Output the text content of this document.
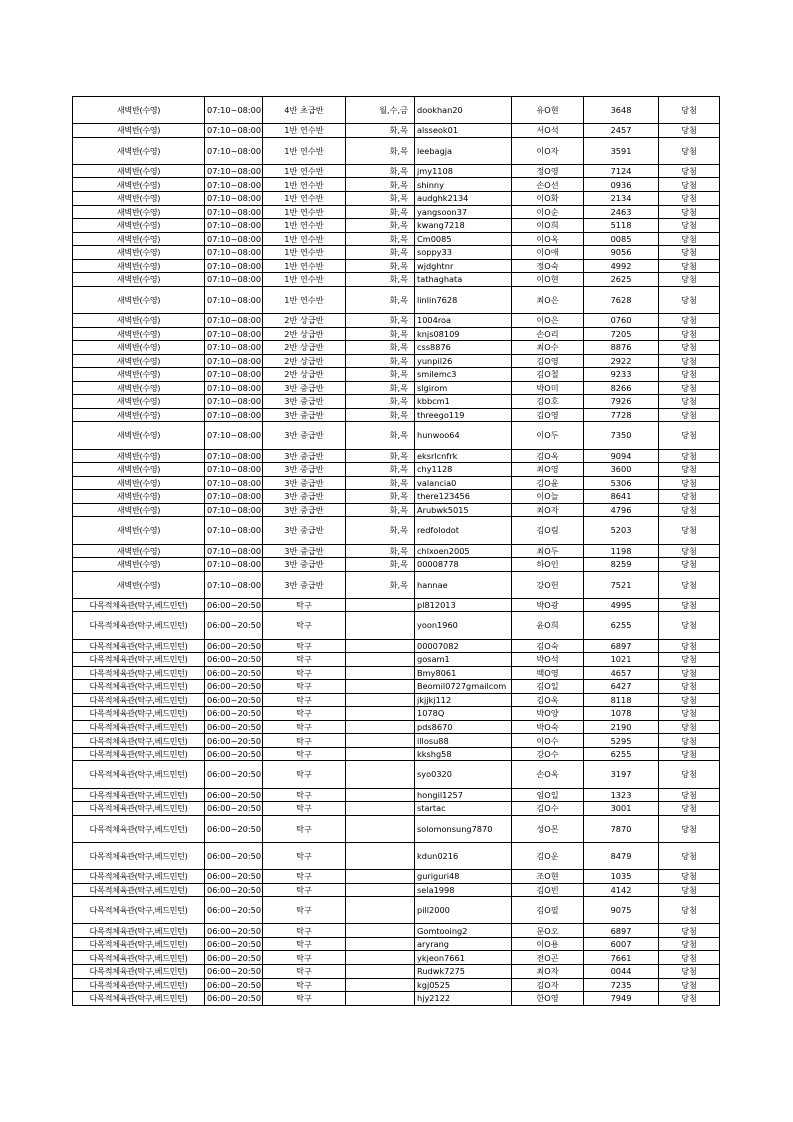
새벽반(수영)	07:10~08:00	4반 초급반	월,수,금	dookhan20	유O현	3648	당첨
새벽반(수영)	07:10~08:00	1반 연수반	화,목	alsseok01	서O석	2457	당첨
새벽반(수영)	07:10~08:00	1반 연수반	화,목	leebagja	이O자	3591	당첨
새벽반(수영)	07:10~08:00	1반 연수반	화,목	jmy1108	정O영	7124	당첨
새벽반(수영)	07:10~08:00	1반 연수반	화,목	shinny	손O선	0936	당첨
새벽반(수영)	07:10~08:00	1반 연수반	화,목	audghk2134	이O화	2134	당첨
새벽반(수영)	07:10~08:00	1반 연수반	화,목	yangsoon37	이O순	2463	당첨
새벽반(수영)	07:10~08:00	1반 연수반	화,목	kwang7218	이O희	5118	당첨
새벽반(수영)	07:10~08:00	1반 연수반	화,목	Cm0085	이O옥	0085	당첨
새벽반(수영)	07:10~08:00	1반 연수반	화,목	soppy33	이O애	9056	당첨
새벽반(수영)	07:10~08:00	1반 연수반	화,목	wjdghtnr	정O숙	4992	당첨
새벽반(수영)	07:10~08:00	1반 연수반	화,목	tathaghata	이O현	2625	당첨
새벽반(수영)	07:10~08:00	1반 연수반	화,목	linlin7628	최O은	7628	당첨
새벽반(수영)	07:10~08:00	2반 상급반	화,목	1004roa	이O은	0760	당첨
새벽반(수영)	07:10~08:00	2반 상급반	화,목	knjs08109	손O리	7205	당첨
새벽반(수영)	07:10~08:00	2반 상급반	화,목	css8876	최O수	8876	당첨
새벽반(수영)	07:10~08:00	2반 상급반	화,목	yunpil26	김O영	2922	당첨
새벽반(수영)	07:10~08:00	2반 상급반	화,목	smilemc3	김O철	9233	당첨
새벽반(수영)	07:10~08:00	3반 중급반	화,목	slgirom	박O미	8266	당첨
새벽반(수영)	07:10~08:00	3반 중급반	화,목	kbbcm1	김O호	7926	당첨
새벽반(수영)	07:10~08:00	3반 중급반	화,목	threego119	김O영	7728	당첨
새벽반(수영)	07:10~08:00	3반 중급반	화,목	hunwoo64	이O두	7350	당첨
새벽반(수영)	07:10~08:00	3반 중급반	화,목	eksrlcnfrk	김O옥	9094	당첨
새벽반(수영)	07:10~08:00	3반 중급반	화,목	chy1128	최O영	3600	당첨
새벽반(수영)	07:10~08:00	3반 중급반	화,목	valancia0	김O윤	5306	당첨
새벽반(수영)	07:10~08:00	3반 중급반	화,목	there123456	이O늘	8641	당첨
새벽반(수영)	07:10~08:00	3반 중급반	화,목	Arubwk5015	최O자	4796	당첨
새벽반(수영)	07:10~08:00	3반 중급반	화,목	redfolodot	김O림	5203	당첨
새벽반(수영)	07:10~08:00	3반 중급반	화,목	chlxoen2005	최O두	1198	당첨
새벽반(수영)	07:10~08:00	3반 중급반	화,목	00008778	하O인	8259	당첨
새벽반(수영)	07:10~08:00	3반 중급반	화,목	hannae	강O헌	7521	당첨
다목적체육관(탁구,베드민턴)	06:00~20:50	탁구		pl812013	박O광	4995	당첨
다목적체육관(탁구,베드민턴)	06:00~20:50	탁구		yoon1960	윤O희	6255	당첨
다목적체육관(탁구,베드민턴)	06:00~20:50	탁구		00007082	김O숙	6897	당첨
다목적체육관(탁구,베드민턴)	06:00~20:50	탁구		gosam1	박O석	1021	당첨
다목적체육관(탁구,베드민턴)	06:00~20:50	탁구		Bmy8061	백O영	4657	당첨
다목적체육관(탁구,베드민턴)	06:00~20:50	탁구		Beomil0727gmailcom	김O일	6427	당첨
다목적체육관(탁구,베드민턴)	06:00~20:50	탁구		jkjjkj112	김O옥	8118	당첨
다목적체육관(탁구,베드민턴)	06:00~20:50	탁구		1078Q	박O양	1078	당첨
다목적체육관(탁구,베드민턴)	06:00~20:50	탁구		pds8670	박O숙	2190	당첨
다목적체육관(탁구,베드민턴)	06:00~20:50	탁구		illosu88	이O수	5295	당첨
다목적체육관(탁구,베드민턴)	06:00~20:50	탁구		kkshg58	강O수	6255	당첨
다목적체육관(탁구,베드민턴)	06:00~20:50	탁구		syo0320	손O옥	3197	당첨
다목적체육관(탁구,베드민턴)	06:00~20:50	탁구		hongil1257	임O일	1323	당첨
다목적체육관(탁구,베드민턴)	06:00~20:50	탁구		startac	김O수	3001	당첨
다목적체육관(탁구,베드민턴)	06:00~20:50	탁구		solomonsung7870	성O몬	7870	당첨
다목적체육관(탁구,베드민턴)	06:00~20:50	탁구		kdun0216	김O운	8479	당첨
다목적체육관(탁구,베드민턴)	06:00~20:50	탁구		guriguri48	조O현	1035	당첨
다목적체육관(탁구,베드민턴)	06:00~20:50	탁구		sela1998	김O빈	4142	당첨
다목적체육관(탁구,베드민턴)	06:00~20:50	탁구		pill2000	김O필	9075	당첨
다목적체육관(탁구,베드민턴)	06:00~20:50	탁구		Gomtooing2	문O오	6897	당첨
다목적체육관(탁구,베드민턴)	06:00~20:50	탁구		aryrang	이O용	6007	당첨
다목적체육관(탁구,베드민턴)	06:00~20:50	탁구		ykjeon7661	전O곤	7661	당첨
다목적체육관(탁구,베드민턴)	06:00~20:50	탁구		Rudwk7275	최O자	0044	당첨
다목적체육관(탁구,베드민턴)	06:00~20:50	탁구		kgj0525	김O자	7235	당첨
다목적체육관(탁구,베드민턴)	06:00~20:50	탁구		hjy2122	한O영	7949	당첨
